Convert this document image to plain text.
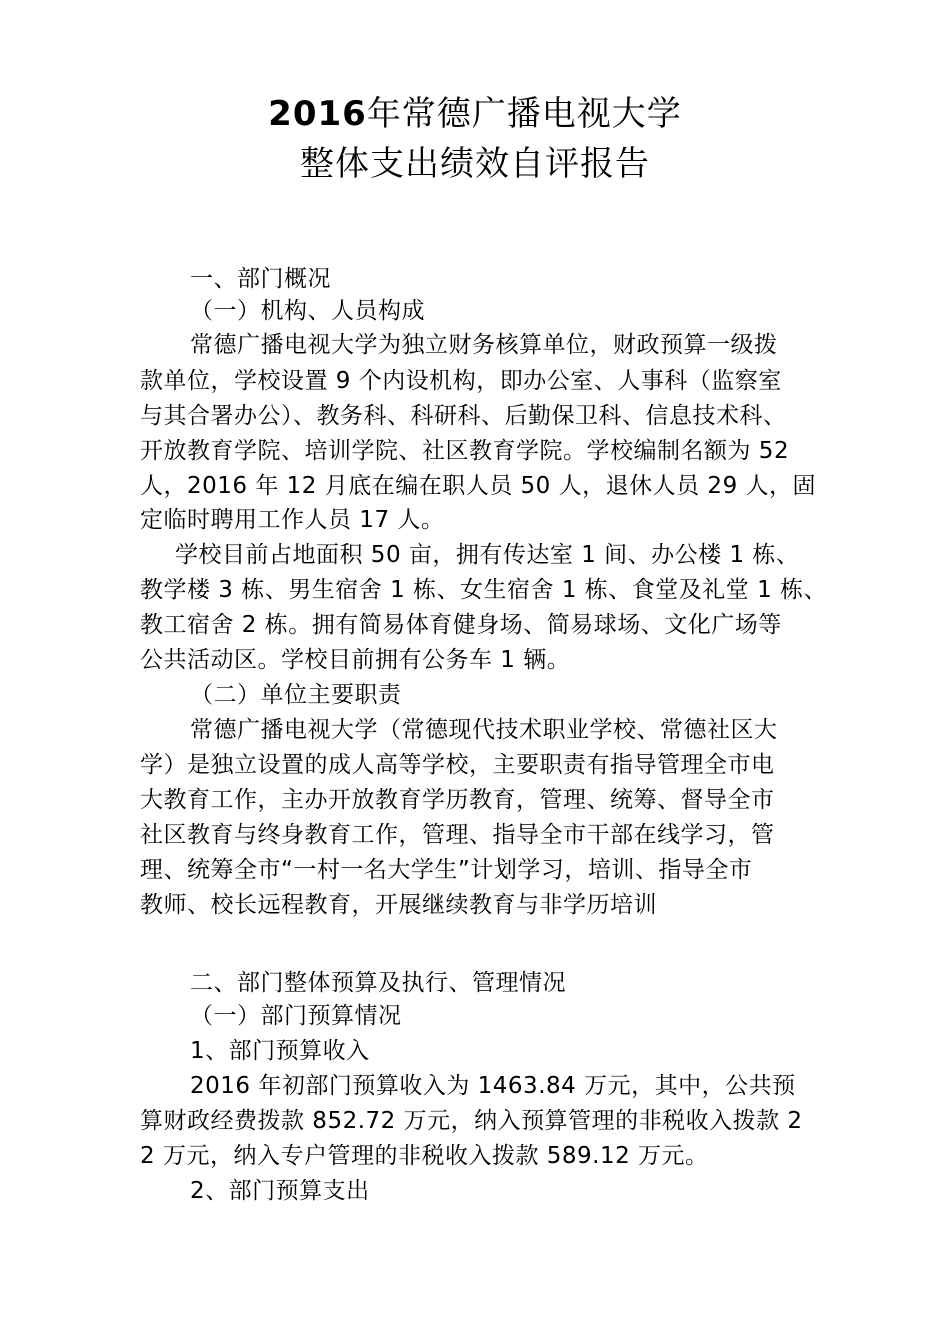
2016年常德广播电视大学
整体支出绩效自评报告
一、部门概况
（一）机构、人员构成
常德广播电视大学为独立财务核算单位，财政预算一级拨
款单位，学校设置 9 个内设机构，即办公室、人事科（监察室
与其合署办公）、教务科、科研科、后勤保卫科、信息技术科、
开放教育学院、培训学院、社区教育学院。学校编制名额为 52
人，2016 年 12 月底在编在职人员 50 人，退休人员 29 人，固
定临时聘用工作人员 17 人。
学校目前占地面积 50 亩，拥有传达室 1 间、办公楼 1 栋、
教学楼 3 栋、男生宿舍 1 栋、女生宿舍 1 栋、食堂及礼堂 1 栋、
教工宿舍 2 栋。拥有简易体育健身场、简易球场、文化广场等
公共活动区。学校目前拥有公务车 1 辆。
（二）单位主要职责
常德广播电视大学（常德现代技术职业学校、常德社区大
学）是独立设置的成人高等学校，主要职责有指导管理全市电
大教育工作，主办开放教育学历教育，管理、统筹、督导全市
社区教育与终身教育工作，管理、指导全市干部在线学习，管
理、统筹全市“一村一名大学生”计划学习，培训、指导全市
教师、校长远程教育，开展继续教育与非学历培训
二、部门整体预算及执行、管理情况
（一）部门预算情况
1、部门预算收入
2016 年初部门预算收入为 1463.84 万元，其中，公共预
算财政经费拨款 852.72 万元，纳入预算管理的非税收入拨款 2
2 万元，纳入专户管理的非税收入拨款 589.12 万元。
2、部门预算支出
